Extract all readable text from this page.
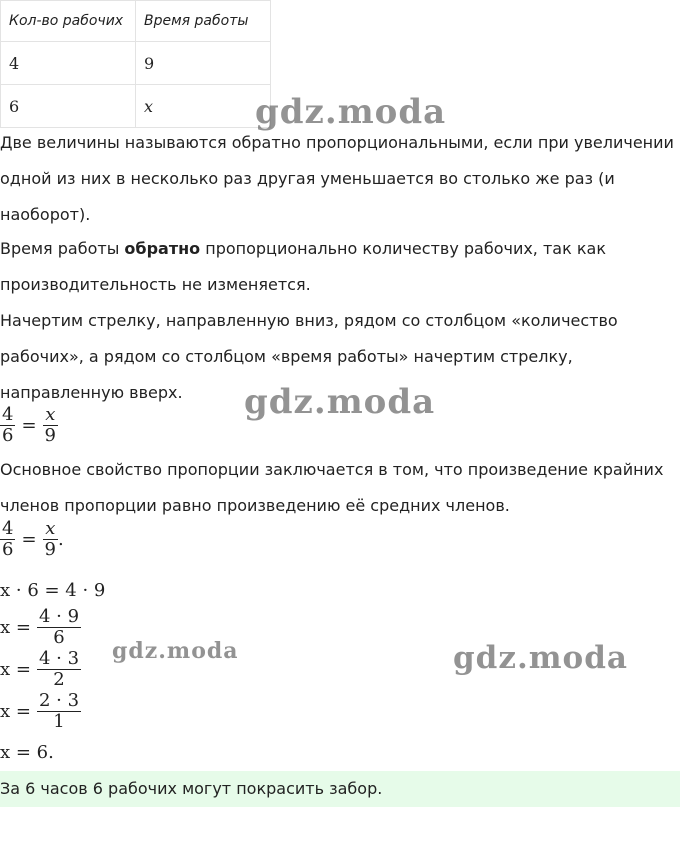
Кол-во рабочих	Время работы
4	9
6	x

Две величины называются обратно пропорциональными, если при увеличении одной из них в несколько раз другая уменьшается во столько же раз (и наоборот).

Время работы обратно пропорционально количеству рабочих, так как производительность не изменяется.

Начертим стрелку, направленную вниз, рядом со столбцом «количество рабочих», а рядом со столбцом «время работы» начертим стрелку, направленную вверх.

$\frac{4}{6} = \frac{x}{9}$

Основное свойство пропорции заключается в том, что произведение крайних членов пропорции равно произведению её средних членов.

$\frac{4}{6} = \frac{x}{9}$ .
x · 6 = 4 · 9
$x = \frac{4 \cdot 9}{6}$
$x = \frac{4 \cdot 3}{2}$
$x = \frac{2 \cdot 3}{1}$
x = 6.
За 6 часов 6 рабочих могут покрасить забор.
gdz.moda
gdz.moda
gdz.moda	gdz.moda
